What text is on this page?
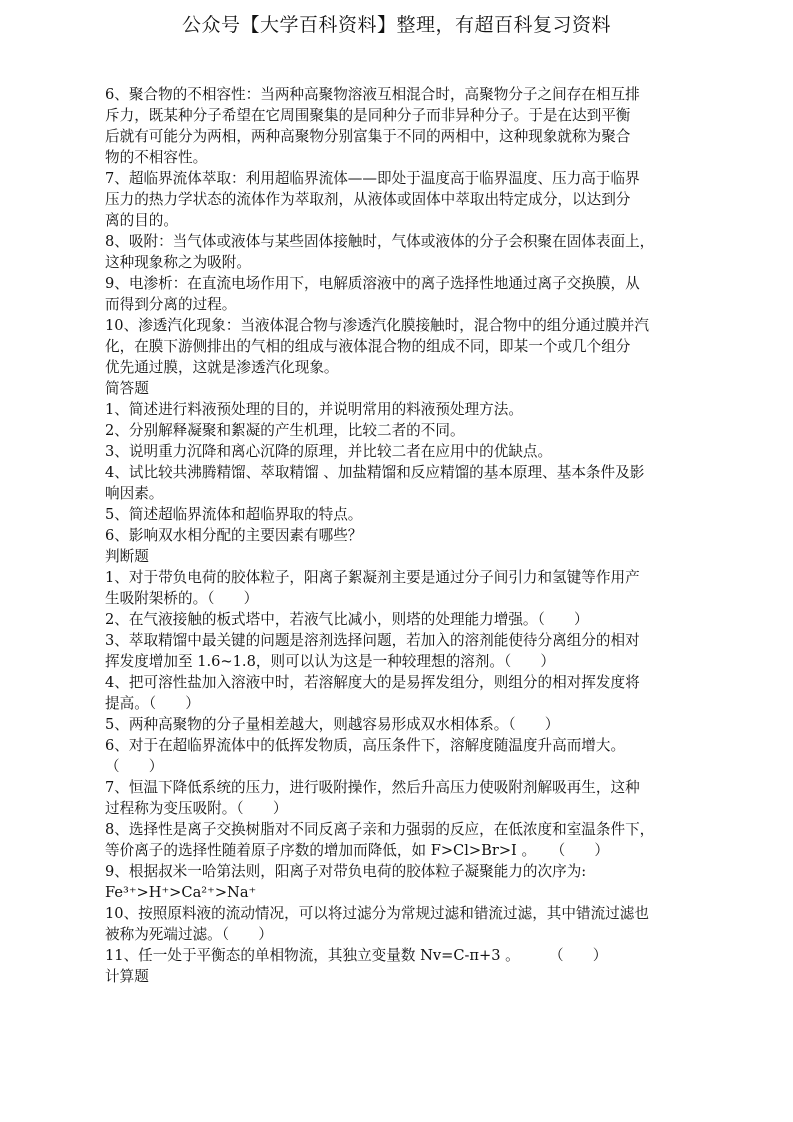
公众号【大学百科资料】整理，有超百科复习资料
6、聚合物的不相容性：当两种高聚物溶液互相混合时，高聚物分子之间存在相互排
斥力，既某种分子希望在它周围聚集的是同种分子而非异种分子。于是在达到平衡
后就有可能分为两相，两种高聚物分别富集于不同的两相中，这种现象就称为聚合
物的不相容性。
7、超临界流体萃取：利用超临界流体——即处于温度高于临界温度、压力高于临界
压力的热力学状态的流体作为萃取剂，从液体或固体中萃取出特定成分，以达到分
离的目的。
8、吸附：当气体或液体与某些固体接触时，气体或液体的分子会积聚在固体表面上，
这种现象称之为吸附。
9、电渗析：在直流电场作用下，电解质溶液中的离子选择性地通过离子交换膜，从
而得到分离的过程。
10、渗透汽化现象：当液体混合物与渗透汽化膜接触时，混合物中的组分通过膜并汽
化，在膜下游侧排出的气相的组成与液体混合物的组成不同，即某一个或几个组分
优先通过膜，这就是渗透汽化现象。
简答题
1、简述进行料液预处理的目的，并说明常用的料液预处理方法。
2、分别解释凝聚和絮凝的产生机理，比较二者的不同。
3、说明重力沉降和离心沉降的原理，并比较二者在应用中的优缺点。
4、试比较共沸腾精馏、萃取精馏 、加盐精馏和反应精馏的基本原理、基本条件及影
响因素。
5、简述超临界流体和超临界取的特点。
6、影响双水相分配的主要因素有哪些？
判断题
1、对于带负电荷的胶体粒子，阳离子絮凝剂主要是通过分子间引力和氢键等作用产
生吸附架桥的。（　　）
2、在气液接触的板式塔中，若液气比减小，则塔的处理能力增强。（　　）
3、萃取精馏中最关键的问题是溶剂选择问题，若加入的溶剂能使待分离组分的相对
挥发度增加至 1.6~1.8，则可以认为这是一种较理想的溶剂。（　　）
4、把可溶性盐加入溶液中时，若溶解度大的是易挥发组分，则组分的相对挥发度将
提高。（　　）
5、两种高聚物的分子量相差越大，则越容易形成双水相体系。（　　）
6、对于在超临界流体中的低挥发物质，高压条件下，溶解度随温度升高而增大。
（　　）
7、恒温下降低系统的压力，进行吸附操作，然后升高压力使吸附剂解吸再生，这种
过程称为变压吸附。（　　）
8、选择性是离子交换树脂对不同反离子亲和力强弱的反应，在低浓度和室温条件下，
等价离子的选择性随着原子序数的增加而降低，如 F>Cl>Br>I 。　　（　　）
9、根据叔米一哈第法则，阳离子对带负电荷的胶体粒子凝聚能力的次序为:
Fe³⁺>H⁺>Ca²⁺>Na⁺
10、按照原料液的流动情况，可以将过滤分为常规过滤和错流过滤，其中错流过滤也
被称为死端过滤。（　　）
11、任一处于平衡态的单相物流，其独立变量数 Nv=C-π+3 。　　　（　　）
计算题
